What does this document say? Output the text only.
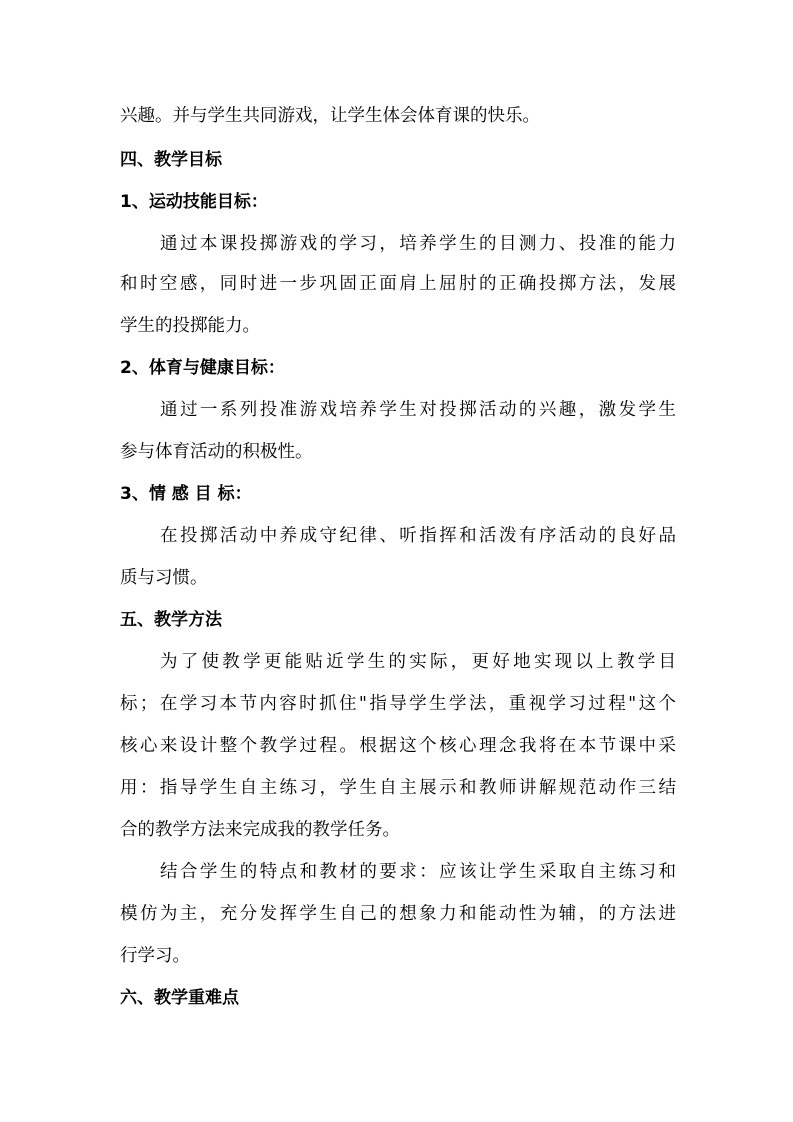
兴趣。并与学生共同游戏，让学生体会体育课的快乐。
四、教学目标
1、运动技能目标：
通过本课投掷游戏的学习，培养学生的目测力、投准的能力
和时空感，同时进一步巩固正面肩上屈肘的正确投掷方法，发展
学生的投掷能力。
2、体育与健康目标：
通过一系列投准游戏培养学生对投掷活动的兴趣，激发学生
参与体育活动的积极性。
3、情 感 目 标：
在投掷活动中养成守纪律、听指挥和活泼有序活动的良好品
质与习惯。
五、教学方法
为了使教学更能贴近学生的实际，更好地实现以上教学目
标；在学习本节内容时抓住"指导学生学法，重视学习过程"这个
核心来设计整个教学过程。根据这个核心理念我将在本节课中采
用：指导学生自主练习，学生自主展示和教师讲解规范动作三结
合的教学方法来完成我的教学任务。
结合学生的特点和教材的要求：应该让学生采取自主练习和
模仿为主，充分发挥学生自己的想象力和能动性为辅，的方法进
行学习。
六、教学重难点
